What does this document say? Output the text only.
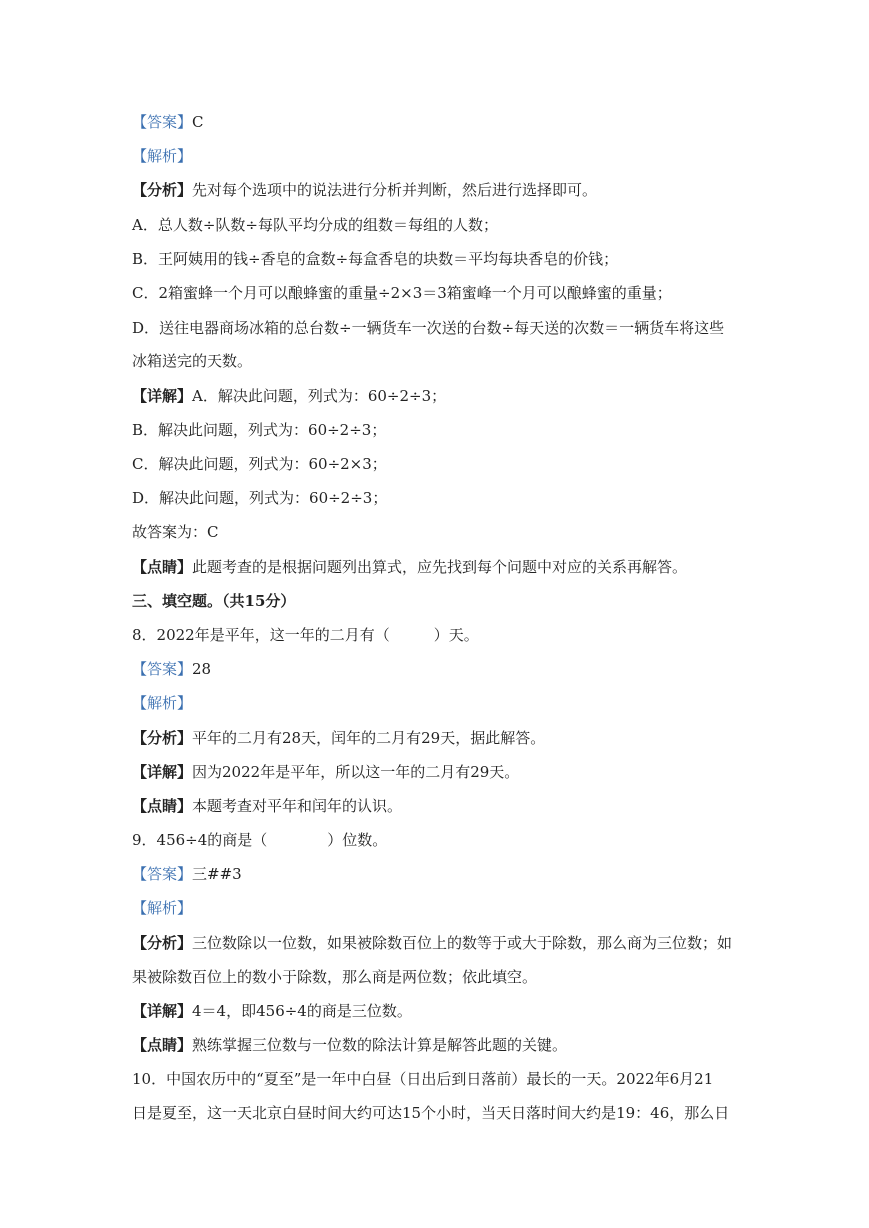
【答案】C
【解析】
【分析】先对每个选项中的说法进行分析并判断，然后进行选择即可。
A．总人数÷队数÷每队平均分成的组数＝每组的人数；
B．王阿姨用的钱÷香皂的盒数÷每盒香皂的块数＝平均每块香皂的价钱；
C．2箱蜜蜂一个月可以酿蜂蜜的重量÷2×3＝3箱蜜峰一个月可以酿蜂蜜的重量；
D．送往电器商场冰箱的总台数÷一辆货车一次送的台数÷每天送的次数＝一辆货车将这些
冰箱送完的天数。
【详解】A．解决此问题，列式为：60÷2÷3；
B．解决此问题，列式为：60÷2÷3；
C．解决此问题，列式为：60÷2×3；
D．解决此问题，列式为：60÷2÷3；
故答案为：C
【点睛】此题考查的是根据问题列出算式，应先找到每个问题中对应的关系再解答。
三、填空题。（共15分）
8．2022年是平年，这一年的二月有（	）天。
【答案】28
【解析】
【分析】平年的二月有28天，闰年的二月有29天，据此解答。
【详解】因为2022年是平年，所以这一年的二月有29天。
【点睛】本题考查对平年和闰年的认识。
9．456÷4的商是（	）位数。
【答案】三##3
【解析】
【分析】三位数除以一位数，如果被除数百位上的数等于或大于除数，那么商为三位数；如
果被除数百位上的数小于除数，那么商是两位数；依此填空。
【详解】4＝4，即456÷4的商是三位数。
【点睛】熟练掌握三位数与一位数的除法计算是解答此题的关键。
10．中国农历中的“夏至”是一年中白昼（日出后到日落前）最长的一天。2022年6月21
日是夏至，这一天北京白昼时间大约可达15个小时，当天日落时间大约是19：46，那么日
